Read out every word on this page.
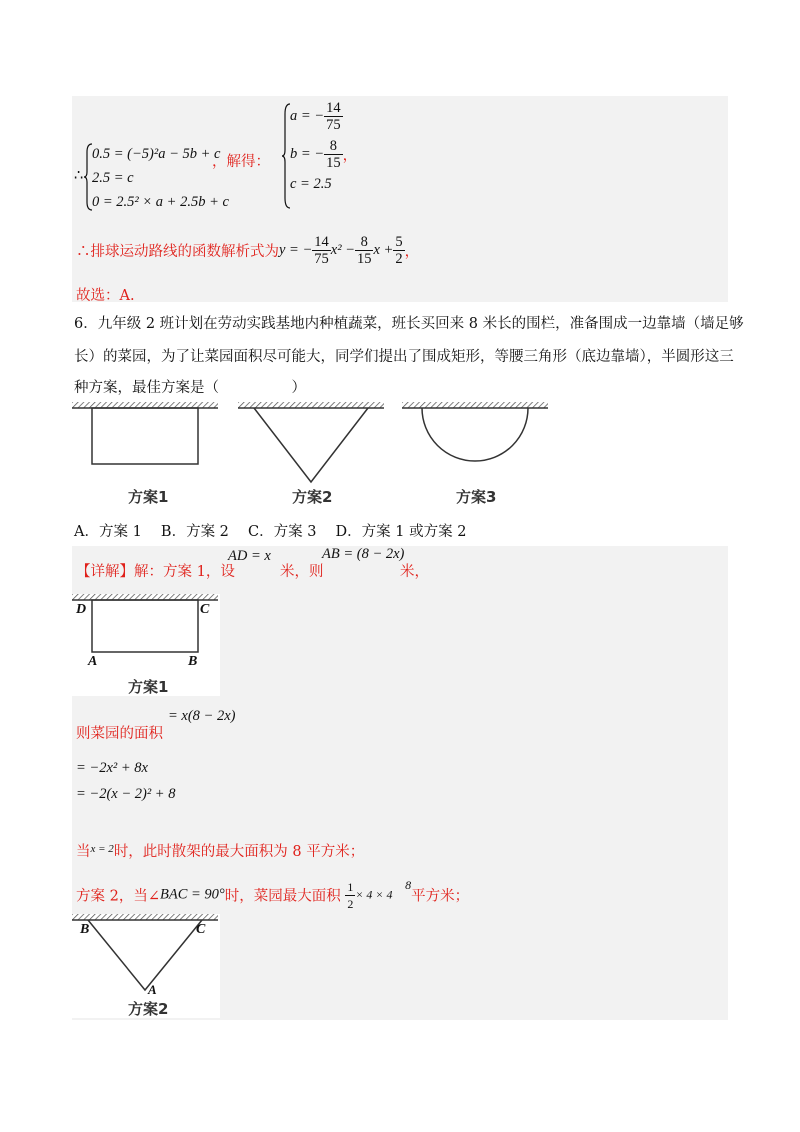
∴
0.5 = (−5)²a − 5b + c
2.5 = c
0 = 2.5² × a + 2.5b + c
，解得：
a = − $\frac{14}{75}$
b = − $\frac{8}{15}$ ，
c = 2.5
∴排球运动路线的函数解析式为y = − $\frac{14}{75} x^2 - \frac{8}{15}$ $x + \frac{5}{2}$ ，
故选：A.
6．九年级 2 班计划在劳动实践基地内种植蔬菜，班长买回来 8 米长的围栏，准备围成一边靠墙（墙足够
长）的菜园，为了让菜园面积尽可能大，同学们提出了围成矩形，等腰三角形（底边靠墙），半圆形这三
种方案，最佳方案是（　　　　　）
方案1	方案2	方案3
A．方案 1　 B．方案 2　 C．方案 3　 D．方案 1 或方案 2
【详解】解：方案 1，设
AD = x
米，则
AB = (8 − 2x)
米，
D	C
A	B
方案1
则菜园的面积
= x(8 − 2x)
= −2x² + 8x
= −2(x − 2)² + 8
当$^{x = 2}$时，此时散架的最大面积为 8 平方米；
方案 2，当∠BAC = 90°时，菜园最大面积 $\frac{1}{2} \times 4 \times 4$ $^8$平方米；
B	C
A
方案2
